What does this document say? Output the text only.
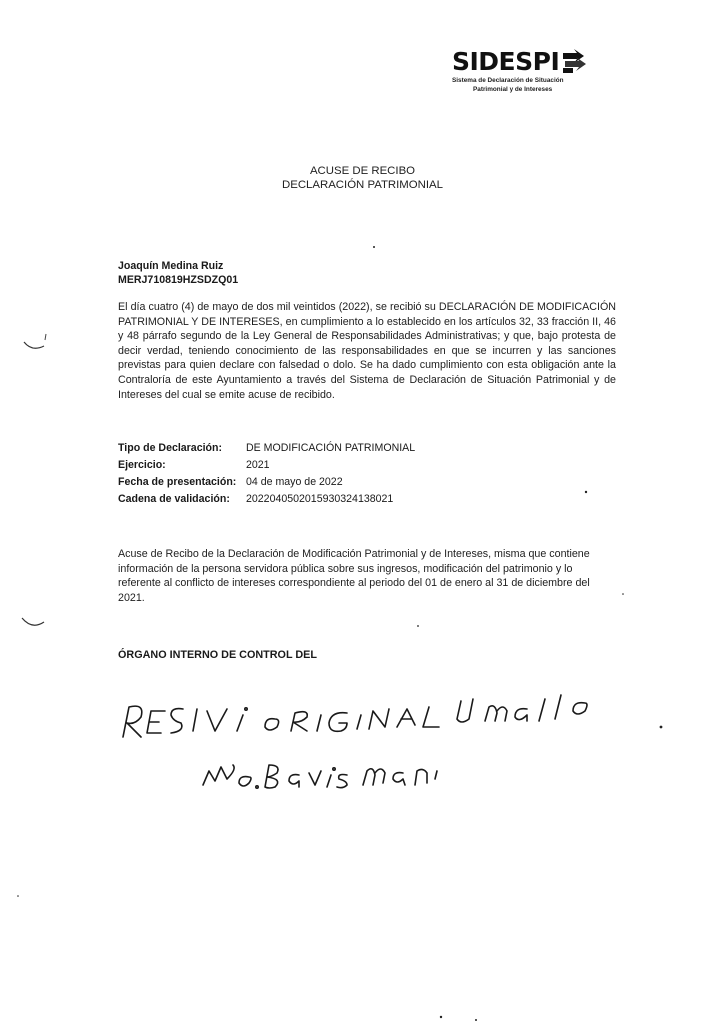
SIDESPI
Sistema de Declaración de Situación
Patrimonial y de Intereses
ACUSE DE RECIBO
DECLARACIÓN PATRIMONIAL
Joaquín Medina Ruiz
MERJ710819HZSDZQ01

El día cuatro (4) de mayo de dos mil veintidos (2022), se recibió su DECLARACIÓN DE MODIFICACIÓN PATRIMONIAL Y DE INTERESES, en cumplimiento a lo establecido en los artículos 32, 33 fracción II, 46 y 48 párrafo segundo de la Ley General de Responsabilidades Administrativas; y que, bajo protesta de decir verdad, teniendo conocimiento de las responsabilidades en que se incurren y las sanciones previstas para quien declare con falsedad o dolo. Se ha dado cumplimiento con esta obligación ante la Contraloría de este Ayuntamiento a través del Sistema de Declaración de Situación Patrimonial y de Intereses del cual se emite acuse de recibido.

Tipo de Declaración:	DE MODIFICACIÓN PATRIMONIAL
Ejercicio:	2021
Fecha de presentación: 04 de mayo de 2022
Cadena de validación:	20220405020159303241380​21

Acuse de Recibo de la Declaración de Modificación Patrimonial y de Intereses, misma que contiene información de la persona servidora pública sobre sus ingresos, modificación del patrimonio y lo referente al conflicto de intereses correspondiente al periodo del 01 de enero al 31 de diciembre del 2021.

ÓRGANO INTERNO DE CONTROL DEL
